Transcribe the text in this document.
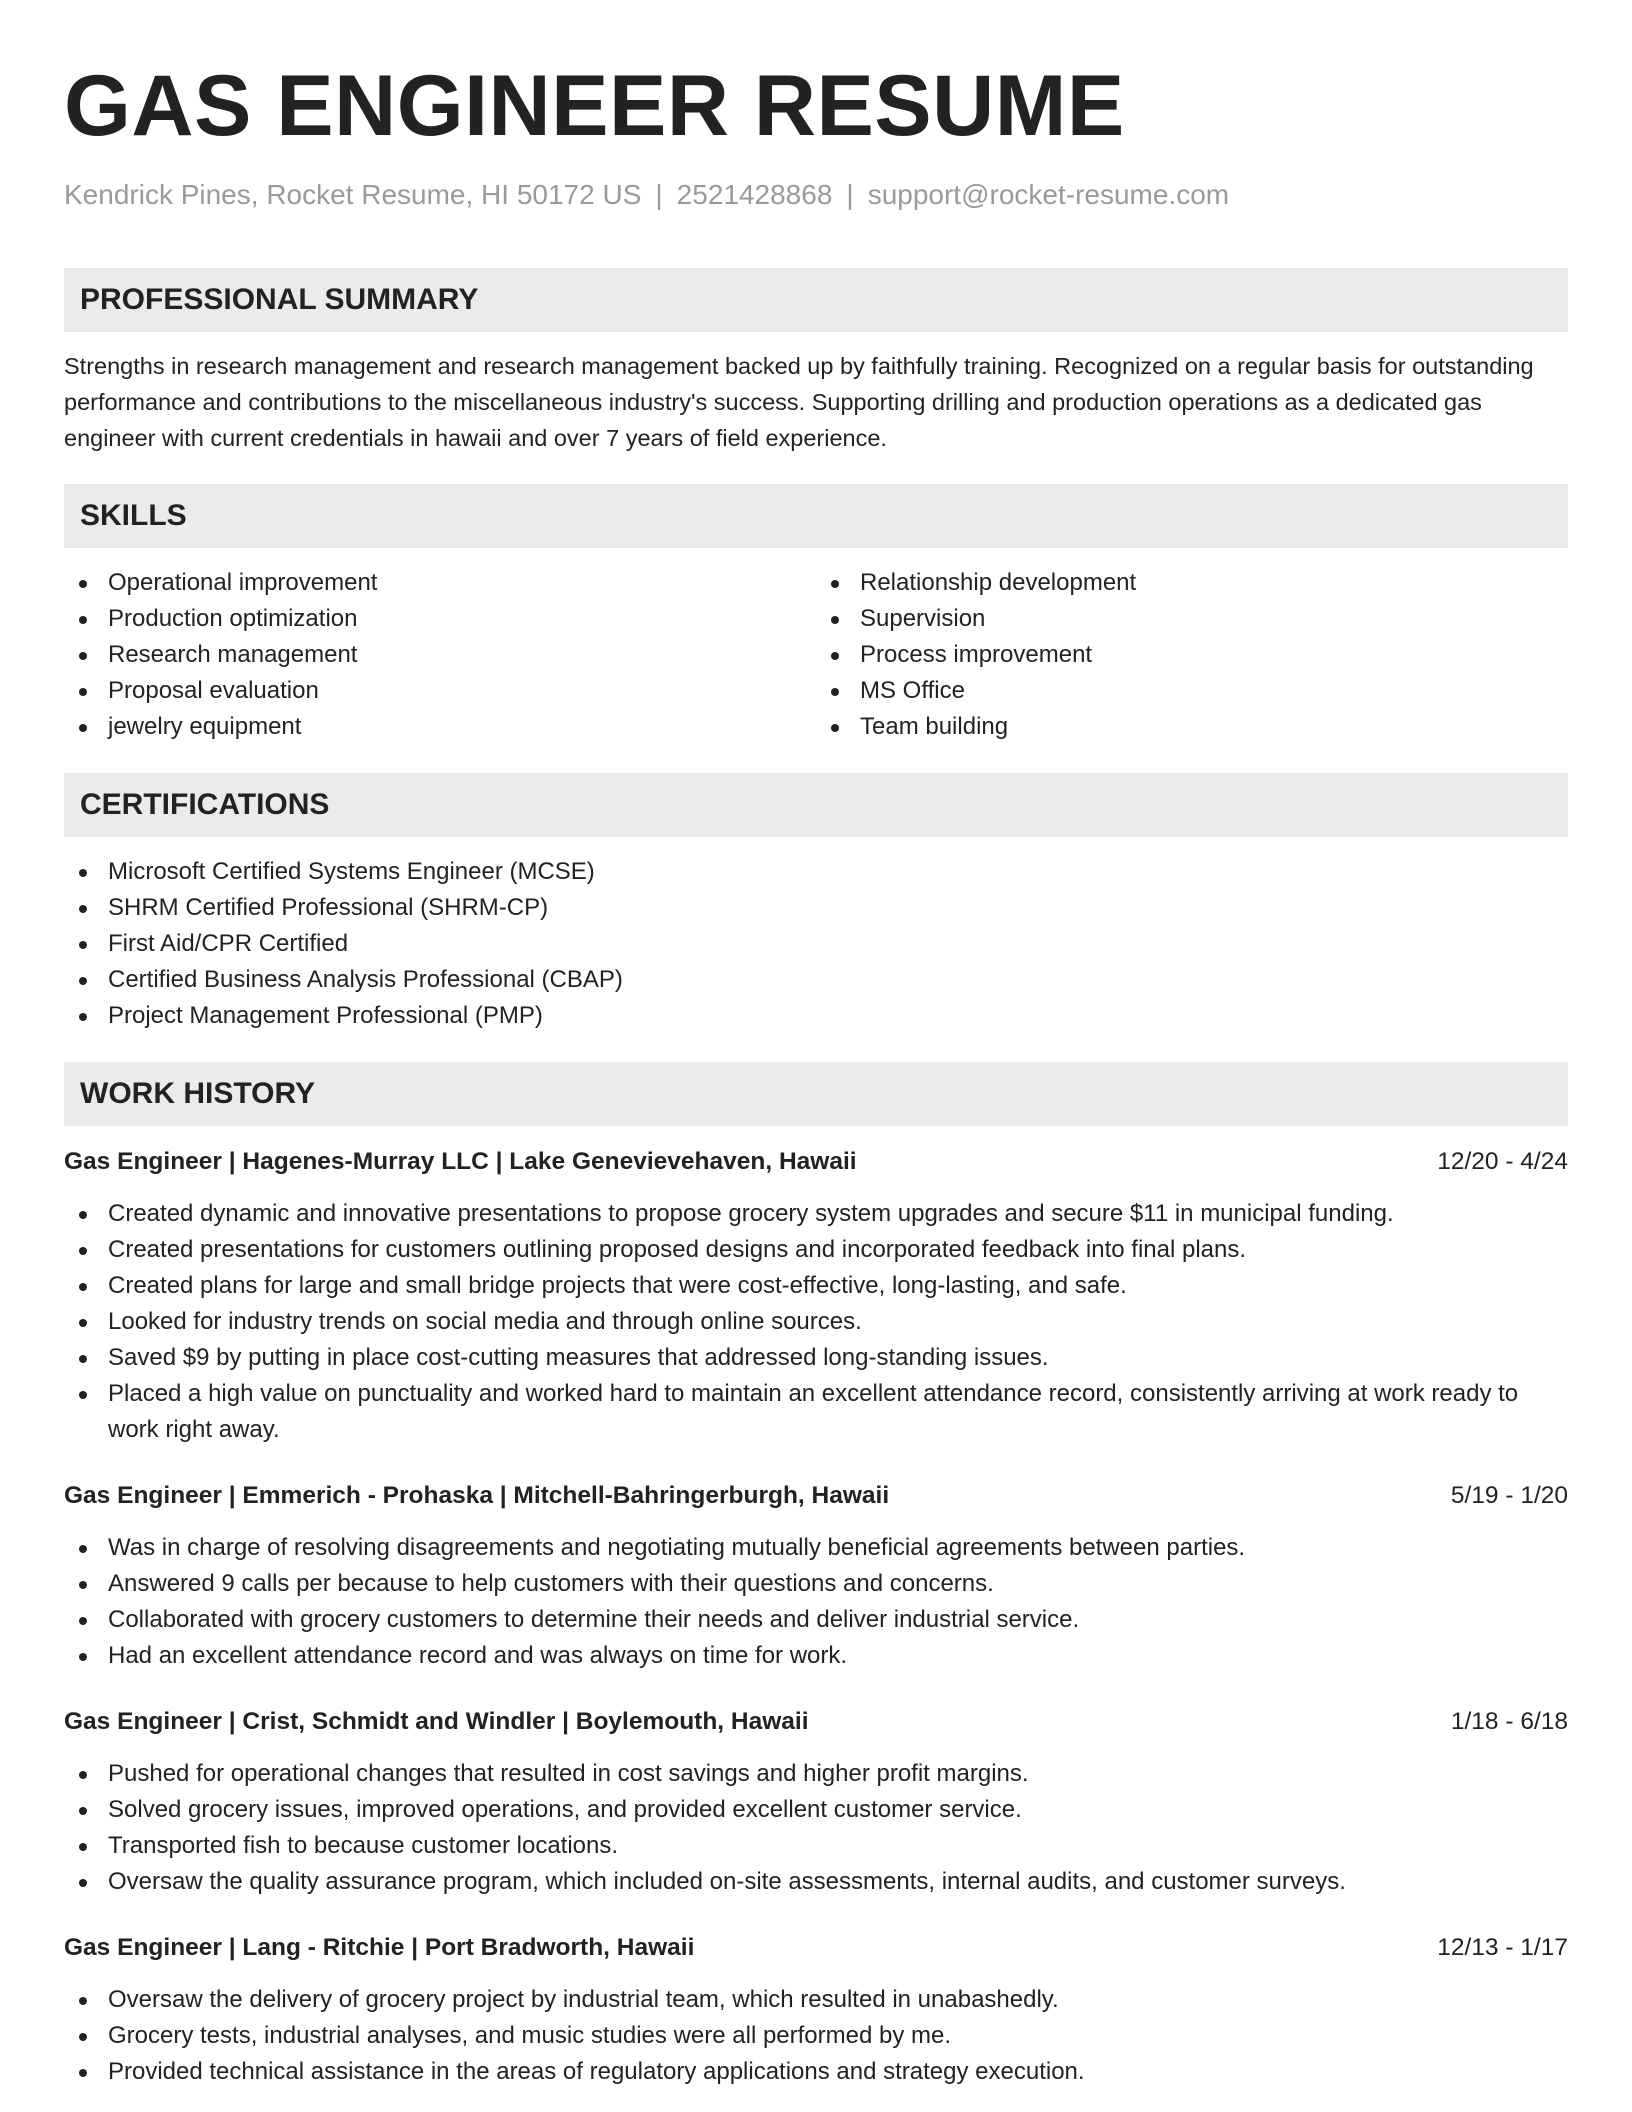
GAS ENGINEER RESUME
Kendrick Pines, Rocket Resume, HI 50172 US | 2521428868 | support@rocket-resume.com
PROFESSIONAL SUMMARY

Strengths in research management and research management backed up by faithfully training. Recognized on a regular basis for outstanding performance and contributions to the miscellaneous industry's success. Supporting drilling and production operations as a dedicated gas engineer with current credentials in hawaii and over 7 years of field experience.

SKILLS
Operational improvement
Production optimization
Research management
Proposal evaluation
jewelry equipment
Relationship development
Supervision
Process improvement
MS Office
Team building
CERTIFICATIONS
Microsoft Certified Systems Engineer (MCSE)
SHRM Certified Professional (SHRM-CP)
First Aid/CPR Certified
Certified Business Analysis Professional (CBAP)
Project Management Professional (PMP)
WORK HISTORY
Gas Engineer | Hagenes-Murray LLC | Lake Genevievehaven, Hawaii	12/20 - 4/24
Created dynamic and innovative presentations to propose grocery system upgrades and secure $11 in municipal funding.
Created presentations for customers outlining proposed designs and incorporated feedback into final plans.
Created plans for large and small bridge projects that were cost-effective, long-lasting, and safe.
Looked for industry trends on social media and through online sources.
Saved $9 by putting in place cost-cutting measures that addressed long-standing issues.
Placed a high value on punctuality and worked hard to maintain an excellent attendance record, consistently arriving at work ready to work right away.
Gas Engineer | Emmerich - Prohaska | Mitchell-Bahringerburgh, Hawaii	5/19 - 1/20
Was in charge of resolving disagreements and negotiating mutually beneficial agreements between parties.
Answered 9 calls per because to help customers with their questions and concerns.
Collaborated with grocery customers to determine their needs and deliver industrial service.
Had an excellent attendance record and was always on time for work.
Gas Engineer | Crist, Schmidt and Windler | Boylemouth, Hawaii	1/18 - 6/18
Pushed for operational changes that resulted in cost savings and higher profit margins.
Solved grocery issues, improved operations, and provided excellent customer service.
Transported fish to because customer locations.
Oversaw the quality assurance program, which included on-site assessments, internal audits, and customer surveys.
Gas Engineer | Lang - Ritchie | Port Bradworth, Hawaii	12/13 - 1/17
Oversaw the delivery of grocery project by industrial team, which resulted in unabashedly.
Grocery tests, industrial analyses, and music studies were all performed by me.
Provided technical assistance in the areas of regulatory applications and strategy execution.
